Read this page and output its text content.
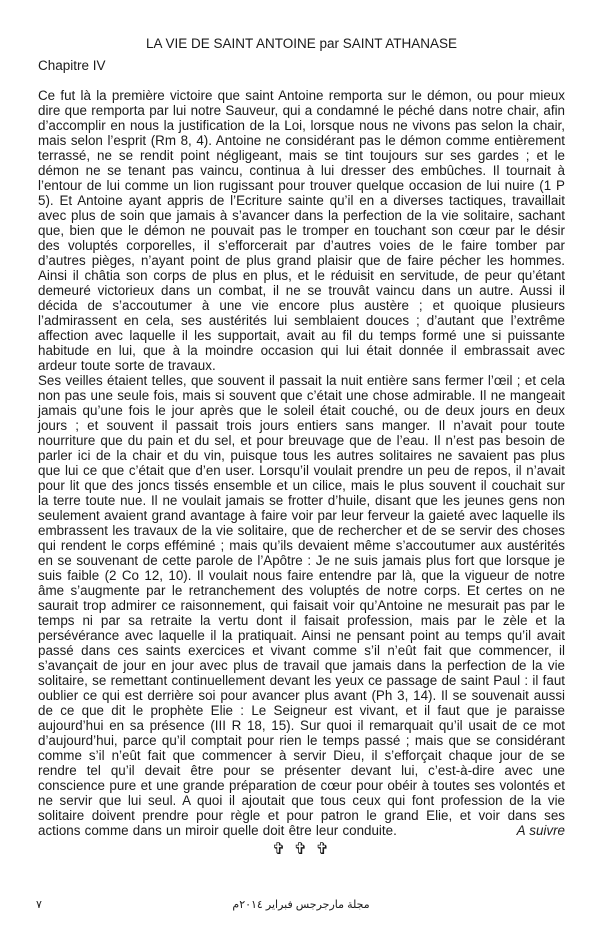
LA VIE DE SAINT ANTOINE par SAINT ATHANASE
Chapitre IV

Ce fut là la première victoire que saint Antoine remporta sur le démon, ou pour mieux dire que remporta par lui notre Sauveur, qui a condamné le péché dans notre chair, afin d’accomplir en nous la justification de la Loi, lorsque nous ne vivons pas selon la chair, mais selon l’esprit (Rm 8, 4). Antoine ne considérant pas le démon comme entièrement terrassé, ne se rendit point négligeant, mais se tint toujours sur ses gardes ; et le démon ne se tenant pas vaincu, continua à lui dresser des embûches. Il tournait à l’entour de lui comme un lion rugissant pour trouver quelque occasion de lui nuire (1 P 5). Et Antoine ayant appris de l’Ecriture sainte qu’il en a diverses tactiques, travaillait avec plus de soin que jamais à s’avancer dans la perfection de la vie solitaire, sachant que, bien que le démon ne pouvait pas le tromper en touchant son cœur par le désir des voluptés corporelles, il s’efforcerait par d’autres voies de le faire tomber par d’autres pièges, n’ayant point de plus grand plaisir que de faire pécher les hommes. Ainsi il châtia son corps de plus en plus, et le réduisit en servitude, de peur qu’étant demeuré victorieux dans un combat, il ne se trouvât vaincu dans un autre. Aussi il décida de s’accoutumer à une vie encore plus austère ; et quoique plusieurs l’admirassent en cela, ses austérités lui semblaient douces ; d’autant que l’extrême affection avec laquelle il les supportait, avait au fil du temps formé une si puissante habitude en lui, que à la moindre occasion qui lui était donnée il embrassait avec ardeur toute sorte de travaux.

Ses veilles étaient telles, que souvent il passait la nuit entière sans fermer l’œil ; et cela non pas une seule fois, mais si souvent que c’était une chose admirable. Il ne mangeait jamais qu’une fois le jour après que le soleil était couché, ou de deux jours en deux jours ; et souvent il passait trois jours entiers sans manger. Il n’avait pour toute nourriture que du pain et du sel, et pour breuvage que de l’eau. Il n’est pas besoin de parler ici de la chair et du vin, puisque tous les autres solitaires ne savaient pas plus que lui ce que c’était que d’en user. Lorsqu’il voulait prendre un peu de repos, il n’avait pour lit que des joncs tissés ensemble et un cilice, mais le plus souvent il couchait sur la terre toute nue. Il ne voulait jamais se frotter d’huile, disant que les jeunes gens non seulement avaient grand avantage à faire voir par leur ferveur la gaieté avec laquelle ils embrassent les travaux de la vie solitaire, que de rechercher et de se servir des choses qui rendent le corps efféminé ; mais qu’ils devaient même s’accoutumer aux austérités en se souvenant de cette parole de l’Apôtre : Je ne suis jamais plus fort que lorsque je suis faible (2 Co 12, 10). Il voulait nous faire entendre par là, que la vigueur de notre âme s’augmente par le retranchement des voluptés de notre corps. Et certes on ne saurait trop admirer ce raisonnement, qui faisait voir qu’Antoine ne mesurait pas par le temps ni par sa retraite la vertu dont il faisait profession, mais par le zèle et la persévérance avec laquelle il la pratiquait. Ainsi ne pensant point au temps qu’il avait passé dans ces saints exercices et vivant comme s’il n’eût fait que commencer, il s’avançait de jour en jour avec plus de travail que jamais dans la perfection de la vie solitaire, se remettant continuellement devant les yeux ce passage de saint Paul : il faut oublier ce qui est derrière soi pour avancer plus avant (Ph 3, 14). Il se souvenait aussi de ce que dit le prophète Elie : Le Seigneur est vivant, et il faut que je paraisse aujourd’hui en sa présence (III R 18, 15). Sur quoi il remarquait qu’il usait de ce mot d’aujourd’hui, parce qu’il comptait pour rien le temps passé ; mais que se considérant comme s’il n’eût fait que commencer à servir Dieu, il s’efforçait chaque jour de se rendre tel qu’il devait être pour se présenter devant lui, c’est-à-dire avec une conscience pure et une grande préparation de cœur pour obéir à toutes ses volontés et ne servir que lui seul. A quoi il ajoutait que tous ceux qui font profession de la vie solitaire doivent prendre pour règle et pour patron le grand Elie, et voir dans ses actions comme dans un miroir quelle doit être leur conduite.	A suivre

✞ ✞ ✞
٧	مجلة مارجرجس فبراير ٢٠١٤م
